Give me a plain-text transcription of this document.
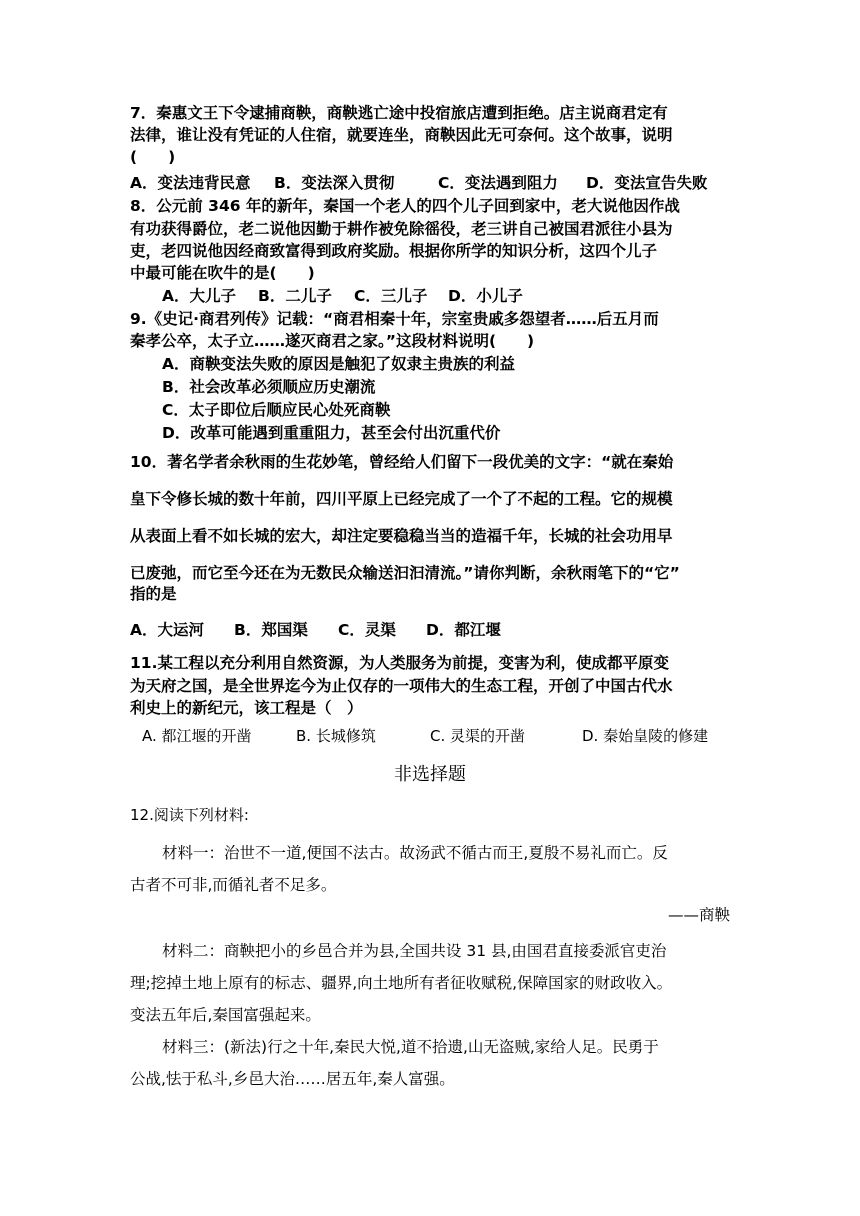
7．秦惠文王下令逮捕商鞅，商鞅逃亡途中投宿旅店遭到拒绝。店主说商君定有
法律，谁让没有凭证的人住宿，就要连坐，商鞅因此无可奈何。这个故事，说明
(　　)
A．变法违背民意 B．变法深入贯彻	C．变法遇到阻力 D．变法宣告失败
8．公元前 346 年的新年，秦国一个老人的四个儿子回到家中，老大说他因作战
有功获得爵位，老二说他因勤于耕作被免除徭役，老三讲自己被国君派往小县为
吏，老四说他因经商致富得到政府奖励。根据你所学的知识分析，这四个儿子
中最可能在吹牛的是(　　)
A．大儿子 B．二儿子 C．三儿子 D．小儿子
9.《史记·商君列传》记载：“商君相秦十年，宗室贵戚多怨望者……后五月而
秦孝公卒，太子立……遂灭商君之家。”这段材料说明(　　)
A．商鞅变法失败的原因是触犯了奴隶主贵族的利益
B．社会改革必须顺应历史潮流
C．太子即位后顺应民心处死商鞅
D．改革可能遇到重重阻力，甚至会付出沉重代价
10．著名学者余秋雨的生花妙笔，曾经给人们留下一段优美的文字：“就在秦始
皇下令修长城的数十年前，四川平原上已经完成了一个了不起的工程。它的规模
从表面上看不如长城的宏大，却注定要稳稳当当的造福千年，长城的社会功用早
已废弛，而它至今还在为无数民众输送汩汩清流。”请你判断，余秋雨笔下的“它”
指的是
A．大运河 B．郑国渠 C．灵渠 D．都江堰
11.某工程以充分利用自然资源，为人类服务为前提，变害为利，使成都平原变
为天府之国，是全世界迄今为止仅存的一项伟大的生态工程，开创了中国古代水
利史上的新纪元，该工程是（　）
A. 都江堰的开凿	B. 长城修筑	C. 灵渠的开凿	D. 秦始皇陵的修建
非选择题
12.阅读下列材料:
材料一：治世不一道,便国不法古。故汤武不循古而王,夏殷不易礼而亡。反
古者不可非,而循礼者不足多。
——商鞅
材料二：商鞅把小的乡邑合并为县,全国共设 31 县,由国君直接委派官吏治
理;挖掉土地上原有的标志、疆界,向土地所有者征收赋税,保障国家的财政收入。
变法五年后,秦国富强起来。
材料三：(新法)行之十年,秦民大悦,道不拾遗,山无盗贼,家给人足。民勇于
公战,怯于私斗,乡邑大治……居五年,秦人富强。
